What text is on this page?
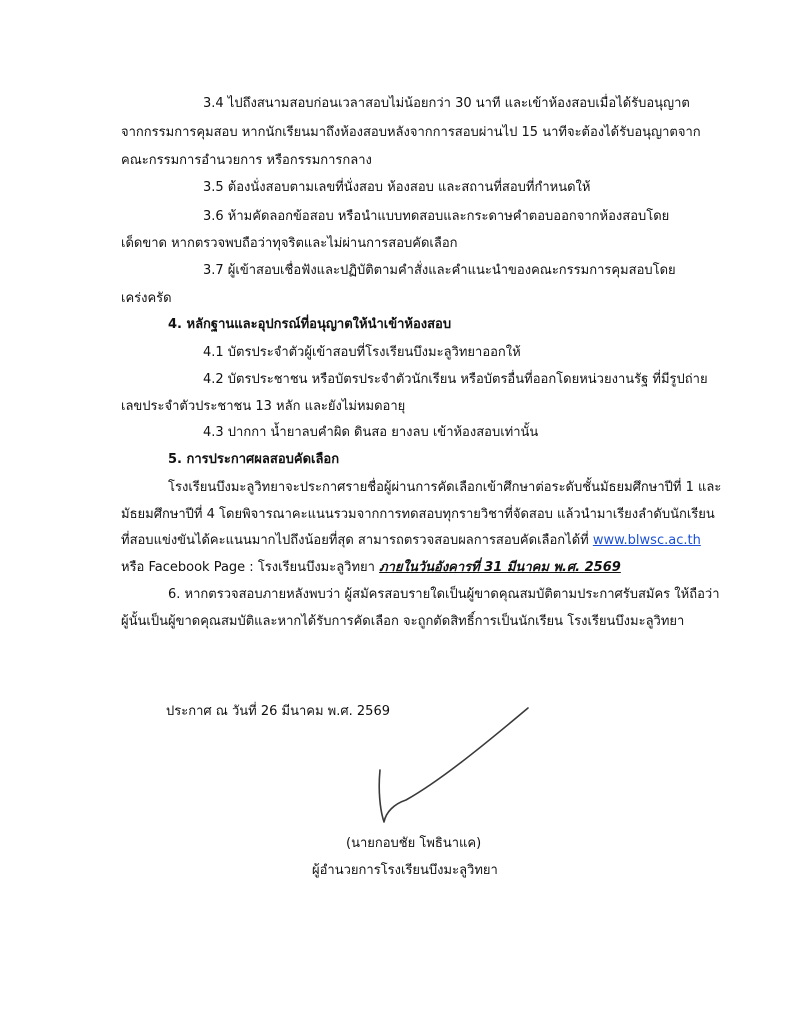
3.4 ไปถึงสนามสอบก่อนเวลาสอบไม่น้อยกว่า 30 นาที และเข้าห้องสอบเมื่อได้รับอนุญาต
จากกรรมการคุมสอบ หากนักเรียนมาถึงห้องสอบหลังจากการสอบผ่านไป 15 นาทีจะต้องได้รับอนุญาตจาก
คณะกรรมการอำนวยการ หรือกรรมการกลาง
3.5 ต้องนั่งสอบตามเลขที่นั่งสอบ ห้องสอบ และสถานที่สอบที่กำหนดให้
3.6 ห้ามคัดลอกข้อสอบ หรือนำแบบทดสอบและกระดาษคำตอบออกจากห้องสอบโดย
เด็ดขาด หากตรวจพบถือว่าทุจริตและไม่ผ่านการสอบคัดเลือก
3.7 ผู้เข้าสอบเชื่อฟังและปฏิบัติตามคำสั่งและคำแนะนำของคณะกรรมการคุมสอบโดย
เคร่งครัด
4. หลักฐานและอุปกรณ์ที่อนุญาตให้นำเข้าห้องสอบ
4.1 บัตรประจำตัวผู้เข้าสอบที่โรงเรียนบึงมะลูวิทยาออกให้
4.2 บัตรประชาชน หรือบัตรประจำตัวนักเรียน หรือบัตรอื่นที่ออกโดยหน่วยงานรัฐ ที่มีรูปถ่าย
เลขประจำตัวประชาชน 13 หลัก และยังไม่หมดอายุ
4.3 ปากกา น้ำยาลบคำผิด ดินสอ ยางลบ เข้าห้องสอบเท่านั้น
5. การประกาศผลสอบคัดเลือก
โรงเรียนบึงมะลูวิทยาจะประกาศรายชื่อผู้ผ่านการคัดเลือกเข้าศึกษาต่อระดับชั้นมัธยมศึกษาปีที่ 1 และ
มัธยมศึกษาปีที่ 4 โดยพิจารณาคะแนนรวมจากการทดสอบทุกรายวิชาที่จัดสอบ แล้วนำมาเรียงลำดับนักเรียน
ที่สอบแข่งขันได้คะแนนมากไปถึงน้อยที่สุด สามารถตรวจสอบผลการสอบคัดเลือกได้ที่ www.blwsc.ac.th
หรือ Facebook Page : โรงเรียนบึงมะลูวิทยา ภายในวันอังคารที่ 31 มีนาคม พ.ศ. 2569
6. หากตรวจสอบภายหลังพบว่า ผู้สมัครสอบรายใดเป็นผู้ขาดคุณสมบัติตามประกาศรับสมัคร ให้ถือว่า
ผู้นั้นเป็นผู้ขาดคุณสมบัติและหากได้รับการคัดเลือก จะถูกตัดสิทธิ์การเป็นนักเรียน โรงเรียนบึงมะลูวิทยา
ประกาศ ณ วันที่ 26 มีนาคม พ.ศ. 2569
(นายกอบชัย โพธินาแค)
ผู้อำนวยการโรงเรียนบึงมะลูวิทยา
